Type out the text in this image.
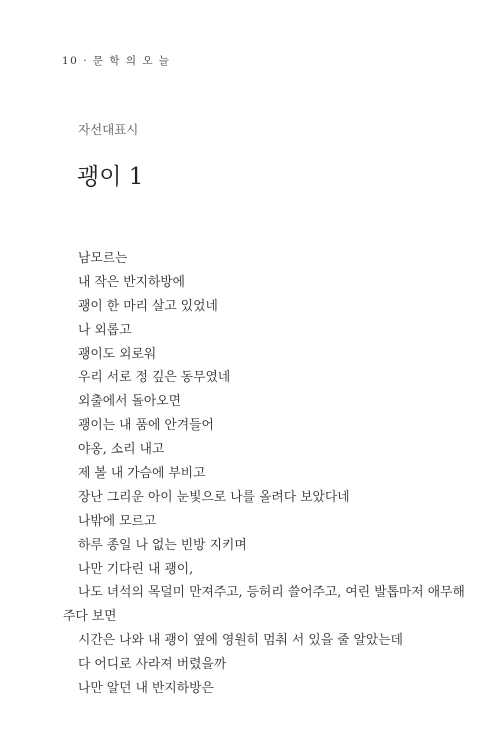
10 · 문 학 의 오 늘
자선대표시
괭이 1
남모르는
내 작은 반지하방에
괭이 한 마리 살고 있었네
나 외롭고
괭이도 외로워
우리 서로 정 깊은 동무였네
외출에서 돌아오면
괭이는 내 품에 안겨들어
야옹, 소리 내고
제 볼 내 가슴에 부비고
장난 그리운 아이 눈빛으로 나를 올려다 보았다네
나밖에 모르고
하루 종일 나 없는 빈방 지키며
나만 기다린 내 괭이,
나도 녀석의 목덜미 만져주고, 등허리 쓸어주고, 여린 발톱마저 애무해
주다 보면
시간은 나와 내 괭이 옆에 영원히 멈춰 서 있을 줄 알았는데
다 어디로 사라져 버렸을까
나만 알던 내 반지하방은
